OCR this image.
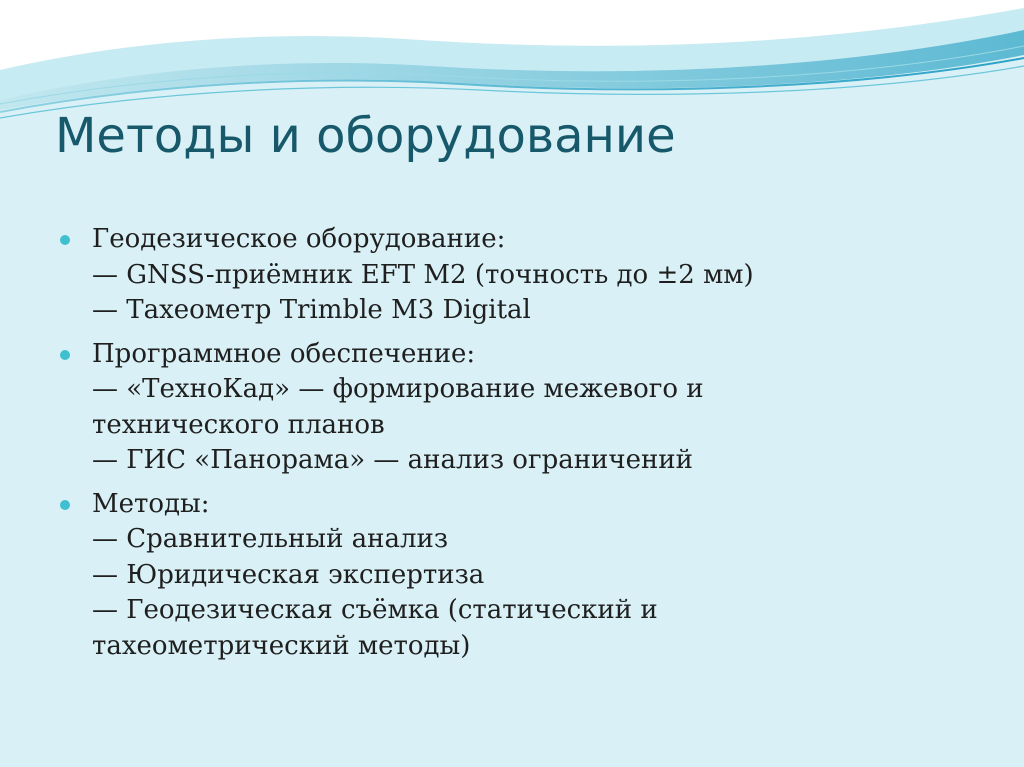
Методы и оборудование
Геодезическое оборудование:
— GNSS-приёмник EFT M2 (точность до ±2 мм)
— Тахеометр Trimble M3 Digital
Программное обеспечение:
— «ТехноКад» — формирование межевого и
технического планов
— ГИС «Панорама» — анализ ограничений
Методы:
— Сравнительный анализ
— Юридическая экспертиза
— Геодезическая съёмка (статический и
тахеометрический методы)
